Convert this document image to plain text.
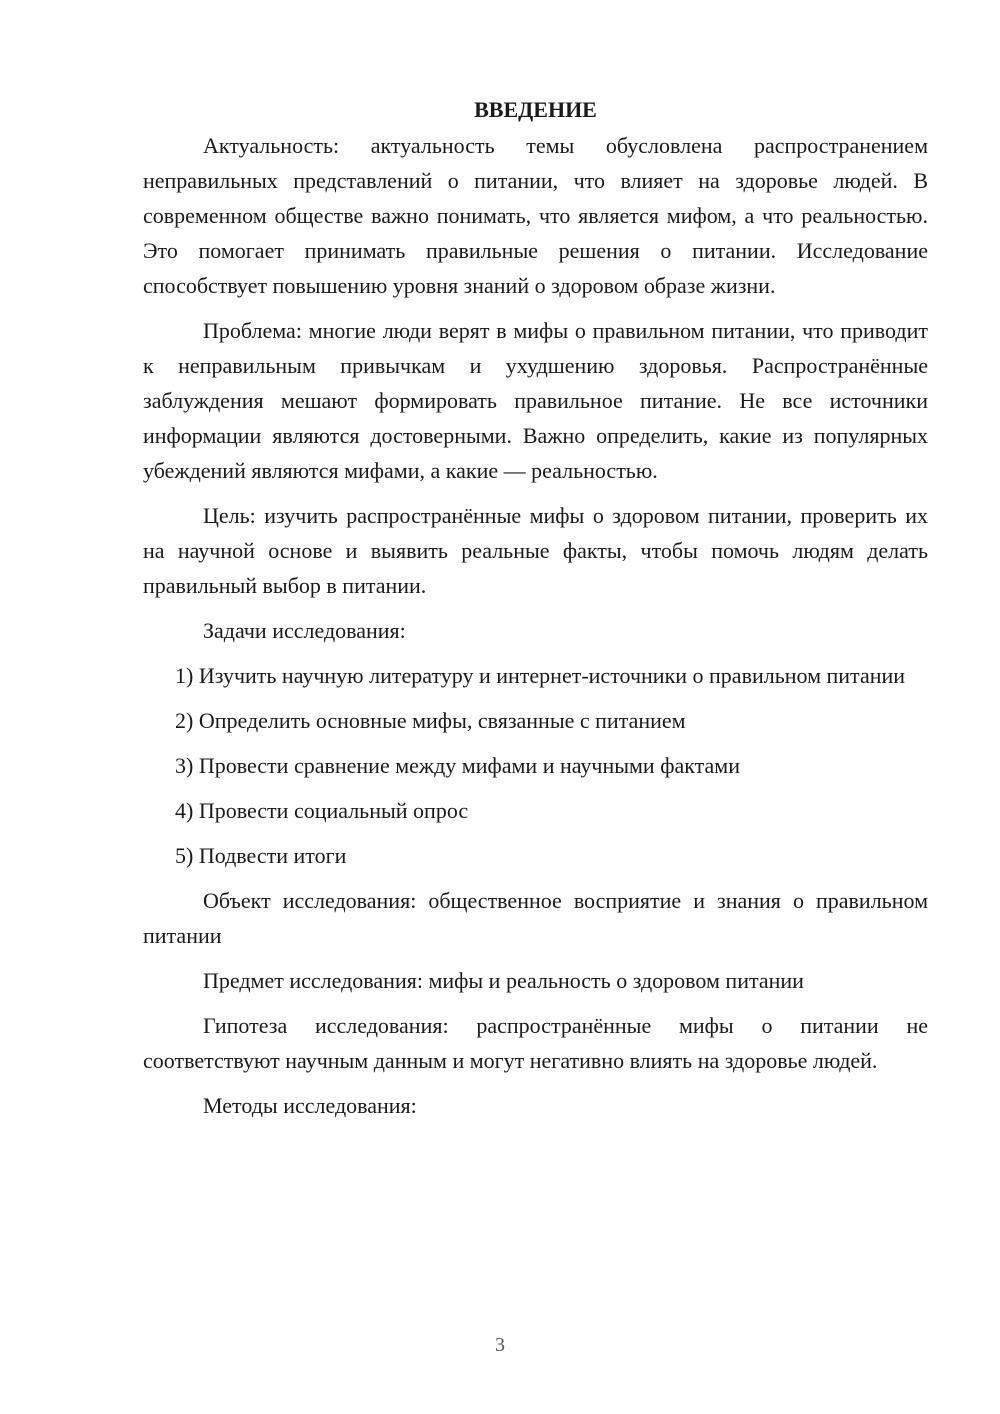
ВВЕДЕНИЕ

Актуальность: актуальность темы обусловлена распространением неправильных представлений о питании, что влияет на здоровье людей. В современном обществе важно понимать, что является мифом, а что реальностью. Это помогает принимать правильные решения о питании. Исследование способствует повышению уровня знаний о здоровом образе жизни.

Проблема: многие люди верят в мифы о правильном питании, что приводит к неправильным привычкам и ухудшению здоровья. Распространённые заблуждения мешают формировать правильное питание. Не все источники информации являются достоверными. Важно определить, какие из популярных убеждений являются мифами, а какие — реальностью.

Цель: изучить распространённые мифы о здоровом питании, проверить их на научной основе и выявить реальные факты, чтобы помочь людям делать правильный выбор в питании.

Задачи исследования:

1) Изучить научную литературу и интернет-источники о правильном питании

2) Определить основные мифы, связанные с питанием

3) Провести сравнение между мифами и научными фактами

4) Провести социальный опрос

5) Подвести итоги

Объект исследования: общественное восприятие и знания о правильном питании

Предмет исследования: мифы и реальность о здоровом питании

Гипотеза исследования: распространённые мифы о питании не соответствуют научным данным и могут негативно влиять на здоровье людей.

Методы исследования:

3
